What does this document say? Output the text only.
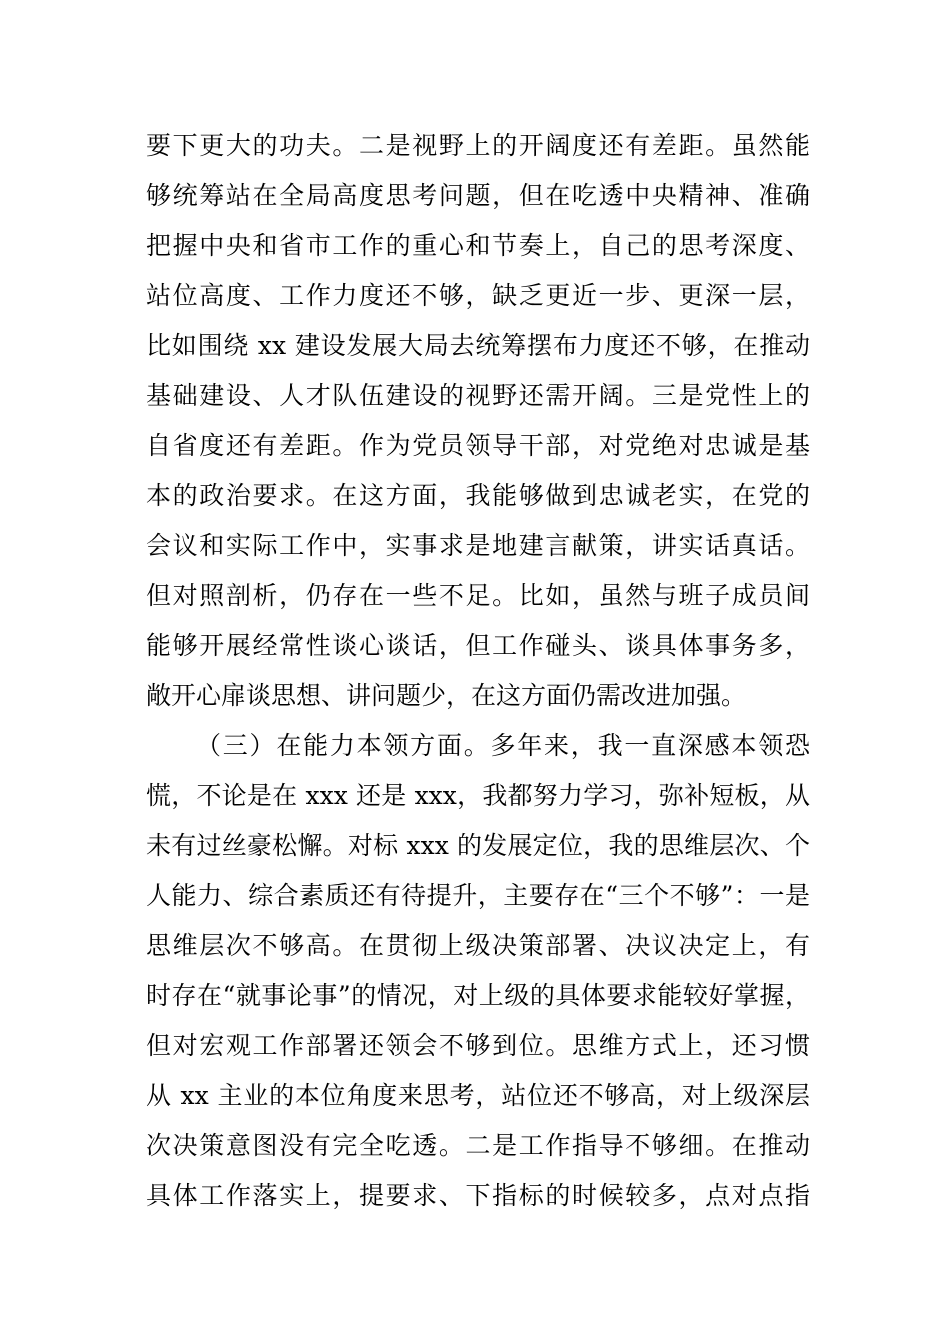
要下更大的功夫。二是视野上的开阔度还有差距。虽然能
够统筹站在全局高度思考问题，但在吃透中央精神、准确
把握中央和省市工作的重心和节奏上，自己的思考深度、
站位高度、工作力度还不够，缺乏更近一步、更深一层，
比如围绕 xx 建设发展大局去统筹摆布力度还不够，在推动
基础建设、人才队伍建设的视野还需开阔。三是党性上的
自省度还有差距。作为党员领导干部，对党绝对忠诚是基
本的政治要求。在这方面，我能够做到忠诚老实，在党的
会议和实际工作中，实事求是地建言献策，讲实话真话。
但对照剖析，仍存在一些不足。比如，虽然与班子成员间
能够开展经常性谈心谈话，但工作碰头、谈具体事务多，
敞开心扉谈思想、讲问题少，在这方面仍需改进加强。
（三）在能力本领方面。多年来，我一直深感本领恐
慌，不论是在 xxx 还是 xxx，我都努力学习，弥补短板，从
未有过丝豪松懈。对标 xxx 的发展定位，我的思维层次、个
人能力、综合素质还有待提升，主要存在“三个不够”：一是
思维层次不够高。在贯彻上级决策部署、决议决定上，有
时存在“就事论事”的情况，对上级的具体要求能较好掌握，
但对宏观工作部署还领会不够到位。思维方式上，还习惯
从 xx 主业的本位角度来思考，站位还不够高，对上级深层
次决策意图没有完全吃透。二是工作指导不够细。在推动
具体工作落实上，提要求、下指标的时候较多，点对点指
